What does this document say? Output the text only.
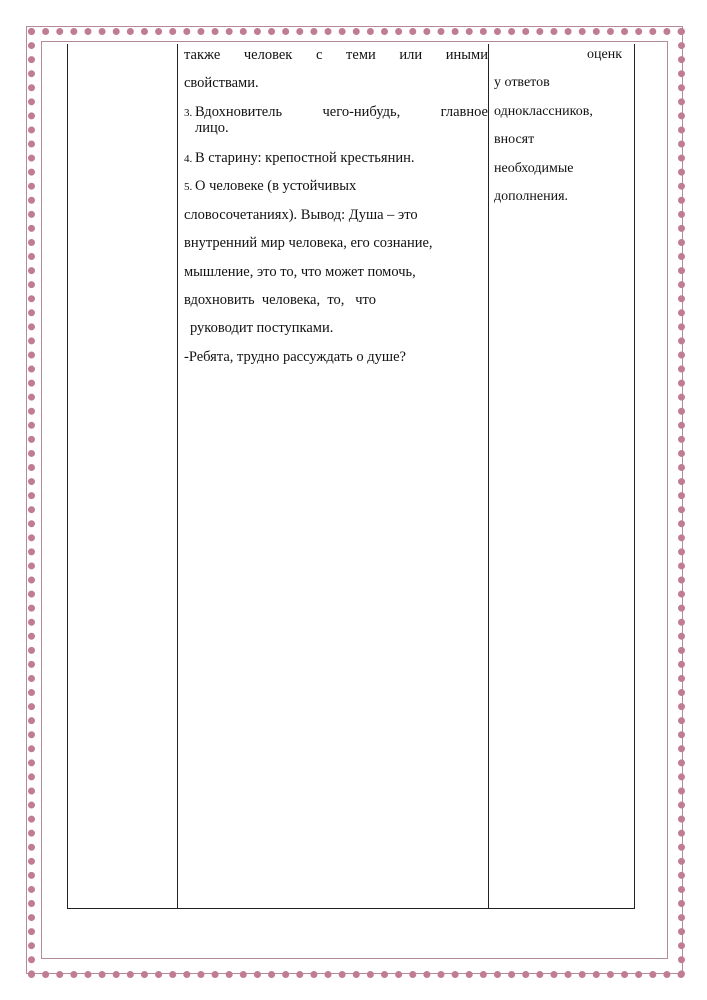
также человек с теми или иными
свойствами.
3. Вдохновитель	чего-нибудь,	главное
лицо.
4. В старину: крепостной крестьянин.
5. О человеке (в устойчивых
словосочетаниях). Вывод: Душа – это
внутренний мир человека, его сознание,
мышление, это то, что может помочь,
вдохновить  человека,  то,   что
руководит поступками.
-Ребята, трудно рассуждать о душе?
оценк
у ответов
одноклассников,
вносят
необходимые
дополнения.
